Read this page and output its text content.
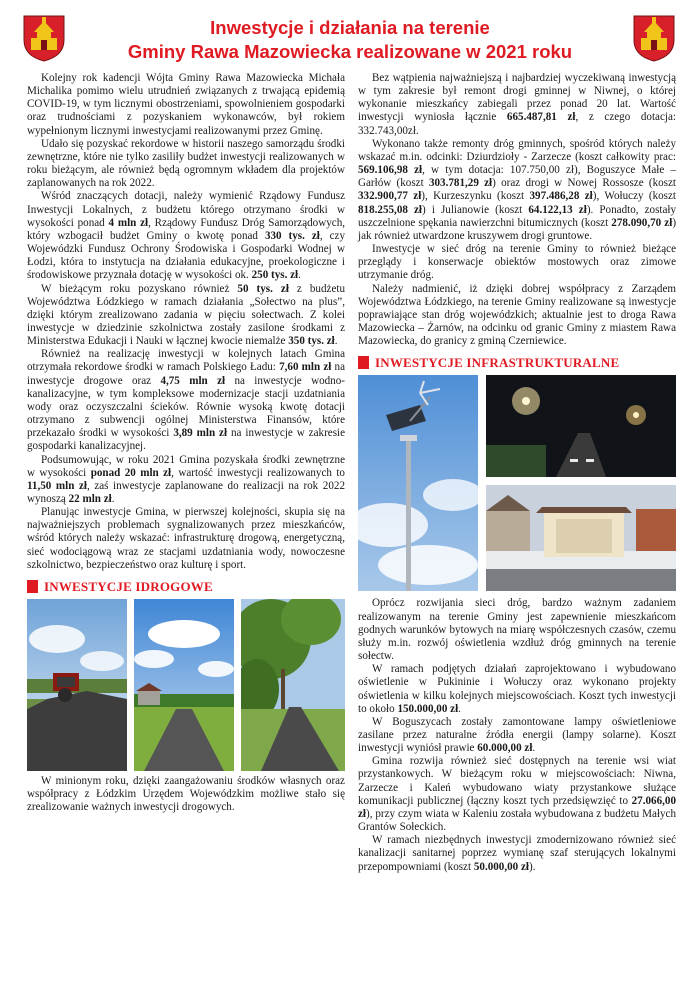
Inwestycje i działania na terenie
Gminy Rawa Mazowiecka realizowane w 2021 roku

Kolejny rok kadencji Wójta Gminy Rawa Mazowiecka Michała Michalika pomimo wielu utrudnień związanych z trwającą epidemią COVID-19, w tym licznymi obostrzeniami, spowolnieniem gospodarki oraz trudnościami z pozyskaniem wykonawców, był rokiem wypełnionym licznymi inwestycjami realizowanymi przez Gminę.

Udało się pozyskać rekordowe w historii naszego samorządu środki zewnętrzne, które nie tylko zasiliły budżet inwestycji realizowanych w roku bieżącym, ale również będą ogromnym wkładem dla projektów zaplanowanych na rok 2022.

Wśród znaczących dotacji, należy wymienić Rządowy Fundusz Inwestycji Lokalnych, z budżetu którego otrzymano środki w wysokości ponad 4 mln zł, Rządowy Fundusz Dróg Samorządowych, który wzbogacił budżet Gminy o kwotę ponad 330 tys. zł, czy Wojewódzki Fundusz Ochrony Środowiska i Gospodarki Wodnej w Łodzi, która to instytucja na działania edukacyjne, proekologiczne i środowiskowe przyznała dotację w wysokości ok. 250 tys. zł.

W bieżącym roku pozyskano również 50 tys. zł z budżetu Województwa Łódzkiego w ramach działania „Sołectwo na plus”, dzięki którym zrealizowano zadania w pięciu sołectwach. Z kolei inwestycje w dziedzinie szkolnictwa zostały zasilone środkami z Ministerstwa Edukacji i Nauki w łącznej kwocie niemalże 350 tys. zł.

Również na realizację inwestycji w kolejnych latach Gmina otrzymała rekordowe środki w ramach Polskiego Ładu: 7,60 mln zł na inwestycje drogowe oraz 4,75 mln zł na inwestycje wodno-kanalizacyjne, w tym kompleksowe modernizacje stacji uzdatniania wody oraz oczyszczalni ścieków. Równie wysoką kwotę dotacji otrzymano z subwencji ogólnej Ministerstwa Finansów, które przekazało środki w wysokości 3,89 mln zł na inwestycje w zakresie gospodarki kanalizacyjnej.

Podsumowując, w roku 2021 Gmina pozyskała środki zewnętrzne w wysokości ponad 20 mln zł, wartość inwestycji realizowanych to 11,50 mln zł, zaś inwestycje zaplanowane do realizacji na rok 2022 wynoszą 22 mln zł.

Planując inwestycje Gmina, w pierwszej kolejności, skupia się na najważniejszych problemach sygnalizowanych przez mieszkańców, wśród których należy wskazać: infrastrukturę drogową, energetyczną, sieć wodociągową wraz ze stacjami uzdatniania wody, nowoczesne szkolnictwo, bezpieczeństwo oraz kulturę i sport.

INWESTYCJE IDROGOWE

W minionym roku, dzięki zaangażowaniu środków własnych oraz współpracy z Łódzkim Urzędem Wojewódzkim możliwe stało się zrealizowanie ważnych inwestycji drogowych.

Bez wątpienia najważniejszą i najbardziej wyczekiwaną inwestycją w tym zakresie był remont drogi gminnej w Niwnej, o której wykonanie mieszkańcy zabiegali przez ponad 20 lat. Wartość inwestycji wyniosła łącznie 665.487,81 zł, z czego dotacja: 332.743,00zł.

Wykonano także remonty dróg gminnych, spośród których należy wskazać m.in. odcinki: Dziurdzioły - Zarzecze (koszt całkowity prac: 569.106,98 zł, w tym dotacja: 107.750,00 zł), Boguszyce Małe – Garłów (koszt 303.781,29 zł) oraz drogi w Nowej Rossosze (koszt 332.900,77 zł), Kurzeszynku (koszt 397.486,28 zł), Wołuczy (koszt 818.255,08 zł) i Julianowie (koszt 64.122,13 zł). Ponadto, zostały uszczelnione spękania nawierzchni bitumicznych (koszt 278.090,70 zł) jak również utwardzone kruszywem drogi gruntowe.

Inwestycje w sieć dróg na terenie Gminy to również bieżące przeglądy i konserwacje obiektów mostowych oraz zimowe utrzymanie dróg.

Należy nadmienić, iż dzięki dobrej współpracy z Zarządem Województwa Łódzkiego, na terenie Gminy realizowane są inwestycje poprawiające stan dróg wojewódzkich; aktualnie jest to droga Rawa Mazowiecka – Żarnów, na odcinku od granic Gminy z miastem Rawa Mazowiecka, do granicy z gminą Czerniewice.

INWESTYCJE INFRASTRUKTURALNE

Oprócz rozwijania sieci dróg, bardzo ważnym zadaniem realizowanym na terenie Gminy jest zapewnienie mieszkańcom godnych warunków bytowych na miarę współczesnych czasów, czemu służy m.in. rozwój oświetlenia wzdłuż dróg gminnych na terenie sołectw.

W ramach podjętych działań zaprojektowano i wybudowano oświetlenie w Pukininie i Wołuczy oraz wykonano projekty oświetlenia w kilku kolejnych miejscowościach. Koszt tych inwestycji to około 150.000,00 zł.

W Boguszycach zostały zamontowane lampy oświetleniowe zasilane przez naturalne źródła energii (lampy solarne). Koszt inwestycji wyniósł prawie 60.000,00 zł.

Gmina rozwija również sieć dostępnych na terenie wsi wiat przystankowych. W bieżącym roku w miejscowościach: Niwna, Zarzecze i Kaleń wybudowano wiaty przystankowe służące komunikacji publicznej (łączny koszt tych przedsięwzięć to 27.066,00 zł), przy czym wiata w Kaleniu została wybudowana z budżetu Małych Grantów Sołeckich.

W ramach niezbędnych inwestycji zmodernizowano również sieć kanalizacji sanitarnej poprzez wymianę szaf sterujących lokalnymi przepompowniami (koszt 50.000,00 zł).
